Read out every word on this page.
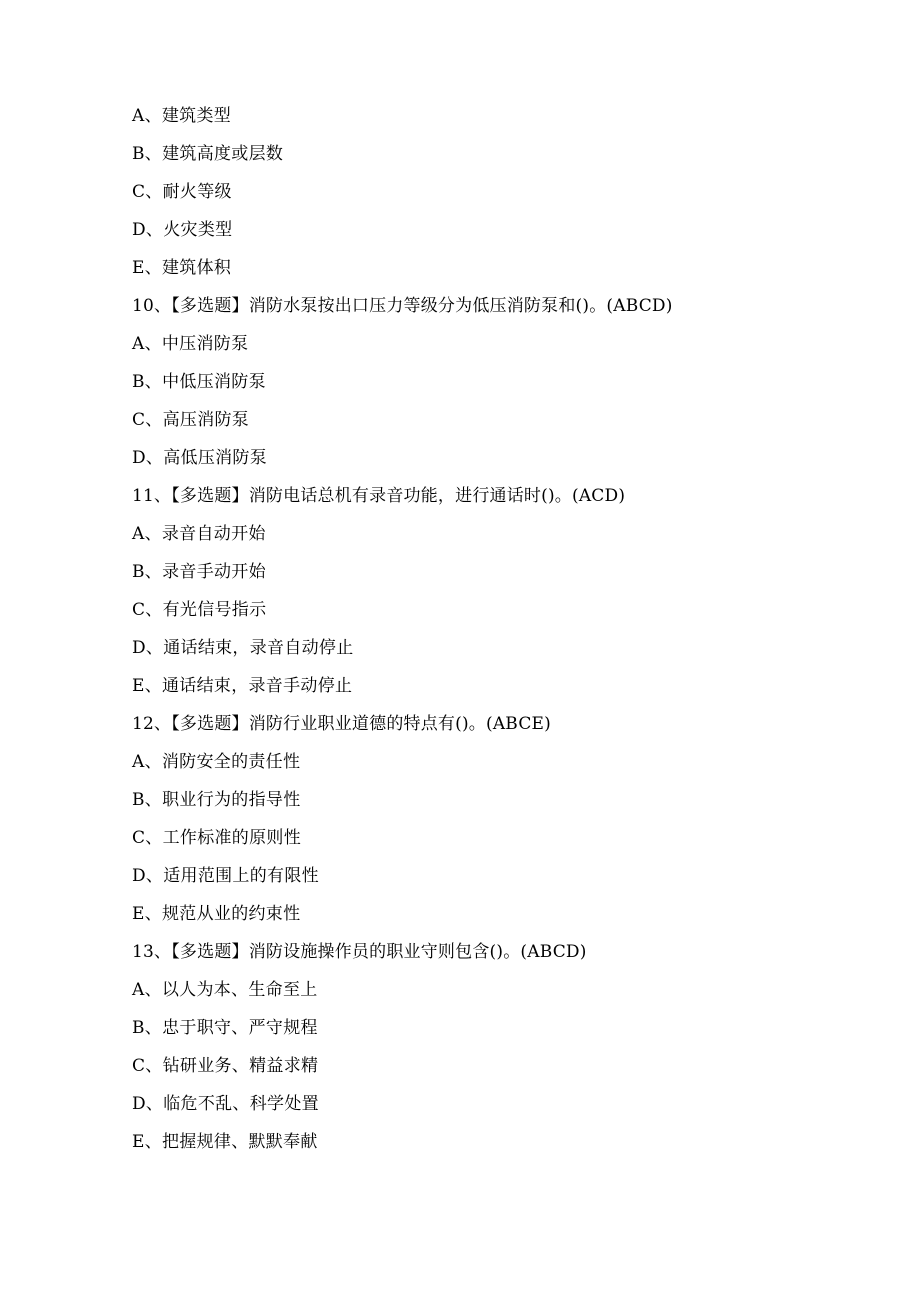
A、建筑类型
B、建筑高度或层数
C、耐火等级
D、火灾类型
E、建筑体积
10、【多选题】消防水泵按出口压力等级分为低压消防泵和()。(ABCD)
A、中压消防泵
B、中低压消防泵
C、高压消防泵
D、高低压消防泵
11、【多选题】消防电话总机有录音功能，进行通话时()。(ACD)
A、录音自动开始
B、录音手动开始
C、有光信号指示
D、通话结束，录音自动停止
E、通话结束，录音手动停止
12、【多选题】消防行业职业道德的特点有()。(ABCE)
A、消防安全的责任性
B、职业行为的指导性
C、工作标准的原则性
D、适用范围上的有限性
E、规范从业的约束性
13、【多选题】消防设施操作员的职业守则包含()。(ABCD)
A、以人为本、生命至上
B、忠于职守、严守规程
C、钻研业务、精益求精
D、临危不乱、科学处置
E、把握规律、默默奉献
